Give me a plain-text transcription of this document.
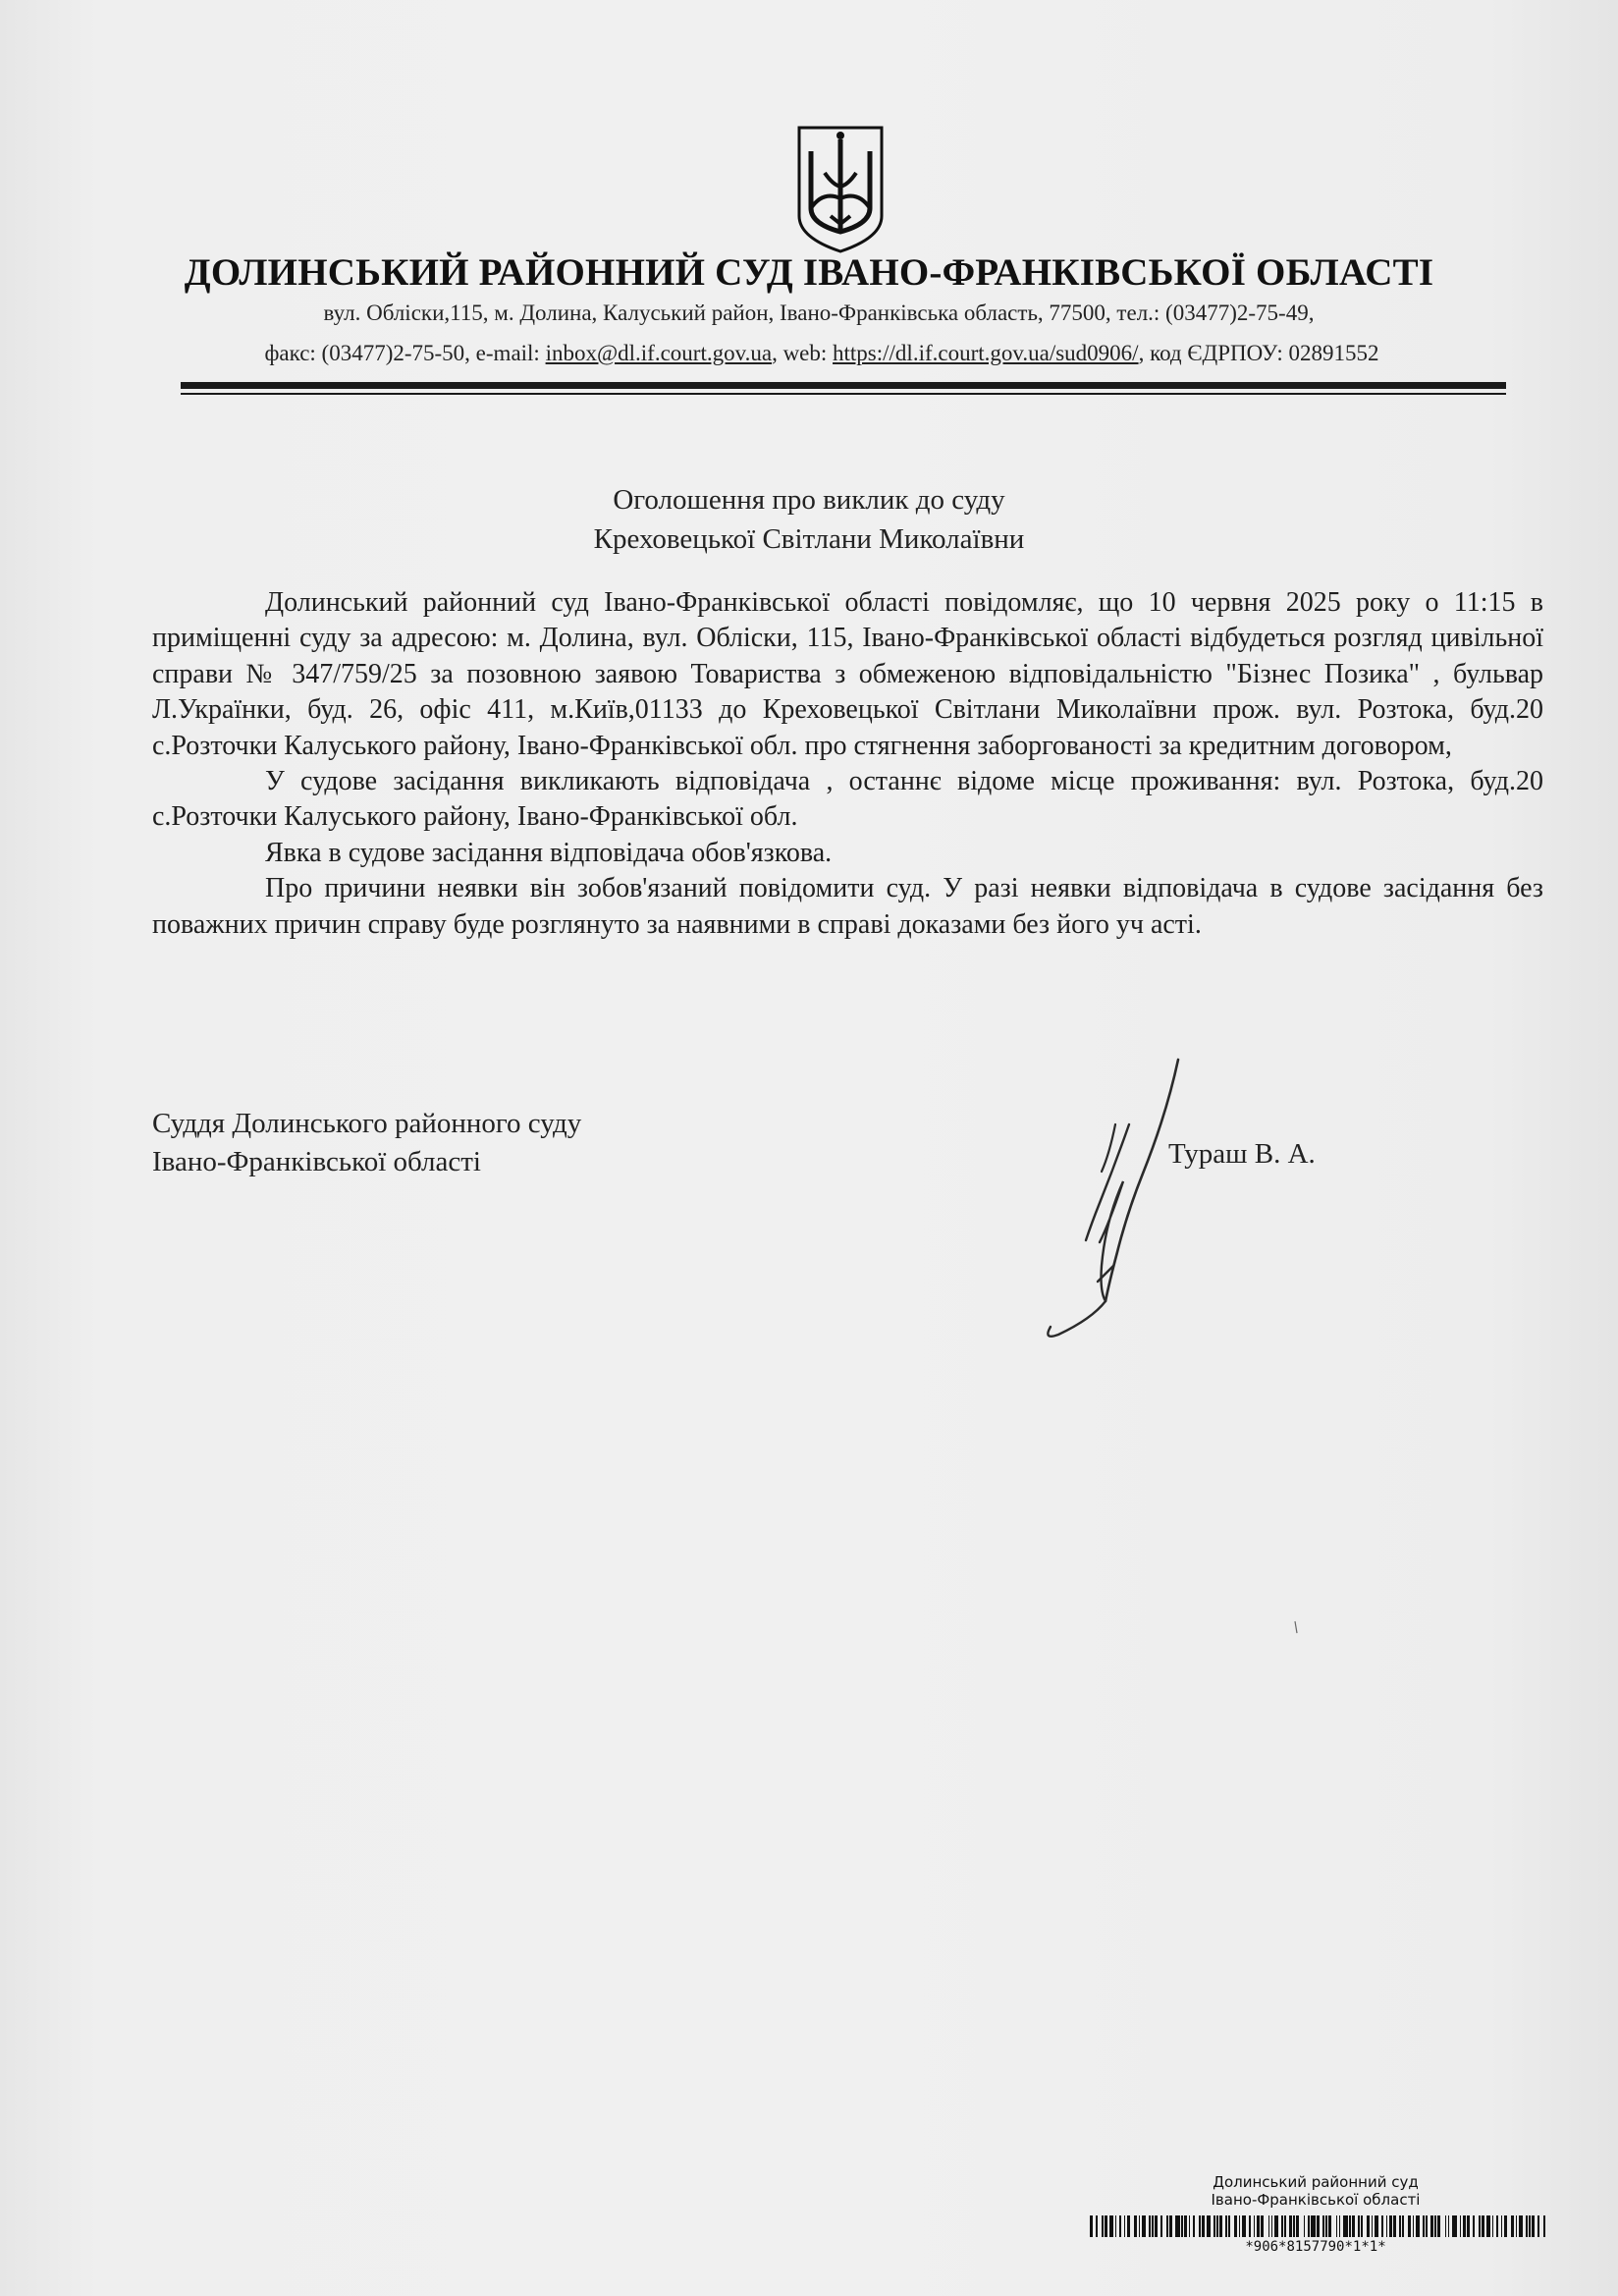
ДОЛИНСЬКИЙ РАЙОННИЙ СУД ІВАНО-ФРАНКІВСЬКОЇ ОБЛАСТІ
вул. Обліски,115, м. Долина, Калуський район, Івано-Франківська область, 77500, тел.: (03477)2-75-49,
факс: (03477)2-75-50, e-mail: inbox@dl.if.court.gov.ua, web: https://dl.if.court.gov.ua/sud0906/, код ЄДРПОУ: 02891552
Оголошення про виклик до суду
Креховецької Світлани Миколаївни

Долинський районний суд Івано-Франківської області повідомляє, що 10 червня 2025 року о 11:15 в приміщенні суду за адресою: м. Долина, вул. Обліски, 115, Івано-Франківської області відбудеться розгляд цивільної справи № 347/759/25 за позовною заявою Товариства з обмеженою відповідальністю "Бізнес Позика" , бульвар Л.Українки, буд. 26, офіс 411, м.Київ,01133 до Креховецької Світлани Миколаївни прож. вул. Розтока, буд.20 с.Розточки Калуського району, Івано-Франківської обл. про стягнення заборгованості за кредитним договором,

У судове засідання викликають відповідача , останнє відоме місце проживання: вул. Розтока, буд.20 с.Розточки Калуського району, Івано-Франківської обл.

Явка в судове засідання відповідача обов'язкова.

Про причини неявки він зобов'язаний повідомити суд. У разі неявки відповідача в судове засідання без поважних причин справу буде розглянуто за наявними в справі доказами без його уч асті.

Суддя Долинського районного суду
Івано-Франківської області	Тураш В. А.
Долинський районний суд
Івано-Франківської області
*906*8157790*1*1*
